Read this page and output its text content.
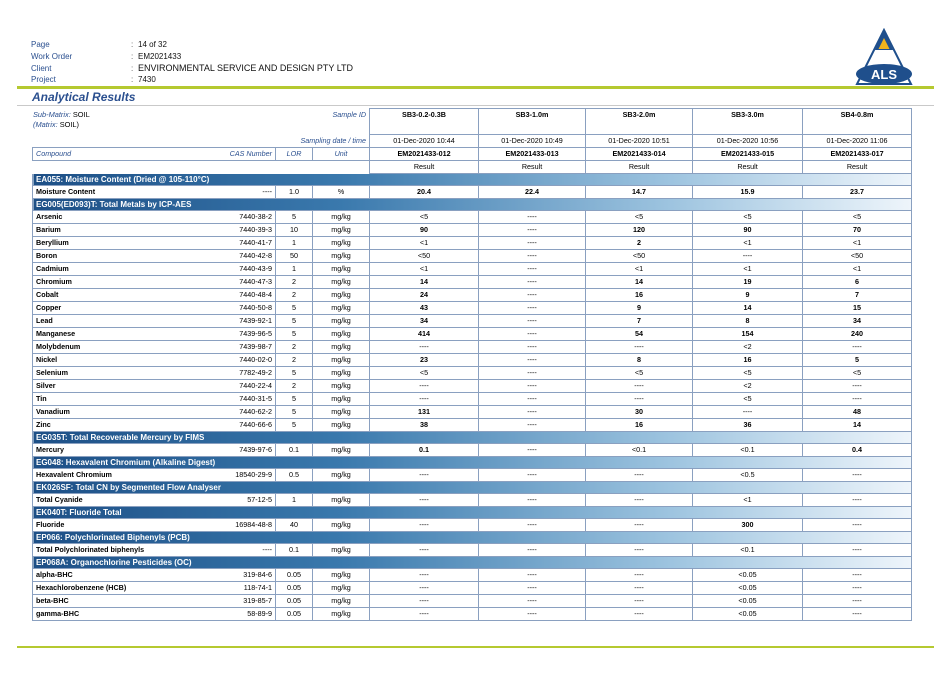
Page	: 14 of 32
Work Order	: EM2021433
Client	: ENVIRONMENTAL SERVICE AND DESIGN PTY LTD
Project	: 7430	ALS
Analytical Results
			Sample ID	SB3-0.2-0.3B	SB3-1.0m	SB3-2.0m	SB3-3.0m	SB4-0.8m
		Sampling date / time		01-Dec-2020 10:44	01-Dec-2020 10:49	01-Dec-2020 10:51	01-Dec-2020 10:56	01-Dec-2020 11:06
Compound	CAS Number	LOR	Unit	EM2021433-012	EM2021433-013	EM2021433-014	EM2021433-015	EM2021433-017
				Result	Result	Result	Result	Result
EA055: Moisture Content (Dried @ 105-110°C)								
Moisture Content	----	1.0	%	20.4	22.4	14.7	15.9	23.7
EG005(ED093)T: Total Metals by ICP-AES								
Arsenic	7440-38-2	5	mg/kg	<5	----	<5	<5	<5
Barium	7440-39-3	10	mg/kg	90	----	120	90	70
Beryllium	7440-41-7	1	mg/kg	<1	----	2	<1	<1
Boron	7440-42-8	50	mg/kg	<50	----	<50	----	<50
Cadmium	7440-43-9	1	mg/kg	<1	----	<1	<1	<1
Chromium	7440-47-3	2	mg/kg	14	----	14	19	6
Cobalt	7440-48-4	2	mg/kg	24	----	16	9	7
Copper	7440-50-8	5	mg/kg	43	----	9	14	15
Lead	7439-92-1	5	mg/kg	34	----	7	8	34
Manganese	7439-96-5	5	mg/kg	414	----	54	154	240
Molybdenum	7439-98-7	2	mg/kg	----	----	----	<2	----
Nickel	7440-02-0	2	mg/kg	23	----	8	16	5
Selenium	7782-49-2	5	mg/kg	<5	----	<5	<5	<5
Silver	7440-22-4	2	mg/kg	----	----	----	<2	----
Tin	7440-31-5	5	mg/kg	----	----	----	<5	----
Vanadium	7440-62-2	5	mg/kg	131	----	30	----	48
Zinc	7440-66-6	5	mg/kg	38	----	16	36	14
EG035T: Total Recoverable Mercury by FIMS								
Mercury	7439-97-6	0.1	mg/kg	0.1	----	<0.1	<0.1	0.4
EG048: Hexavalent Chromium (Alkaline Digest)								
Hexavalent Chromium	18540-29-9	0.5	mg/kg	----	----	----	<0.5	----
EK026SF: Total CN by Segmented Flow Analyser								
Total Cyanide	57-12-5	1	mg/kg	----	----	----	<1	----
EK040T: Fluoride Total								
Fluoride	16984-48-8	40	mg/kg	----	----	----	300	----
EP066: Polychlorinated Biphenyls (PCB)								
Total Polychlorinated biphenyls	----	0.1	mg/kg	----	----	----	<0.1	----
EP068A: Organochlorine Pesticides (OC)								
alpha-BHC	319-84-6	0.05	mg/kg	----	----	----	<0.05	----
Hexachlorobenzene (HCB)	118-74-1	0.05	mg/kg	----	----	----	<0.05	----
beta-BHC	319-85-7	0.05	mg/kg	----	----	----	<0.05	----
gamma-BHC	58-89-9	0.05	mg/kg	----	----	----	<0.05	----
Sub-Matrix: SOIL
(Matrix: SOIL)
